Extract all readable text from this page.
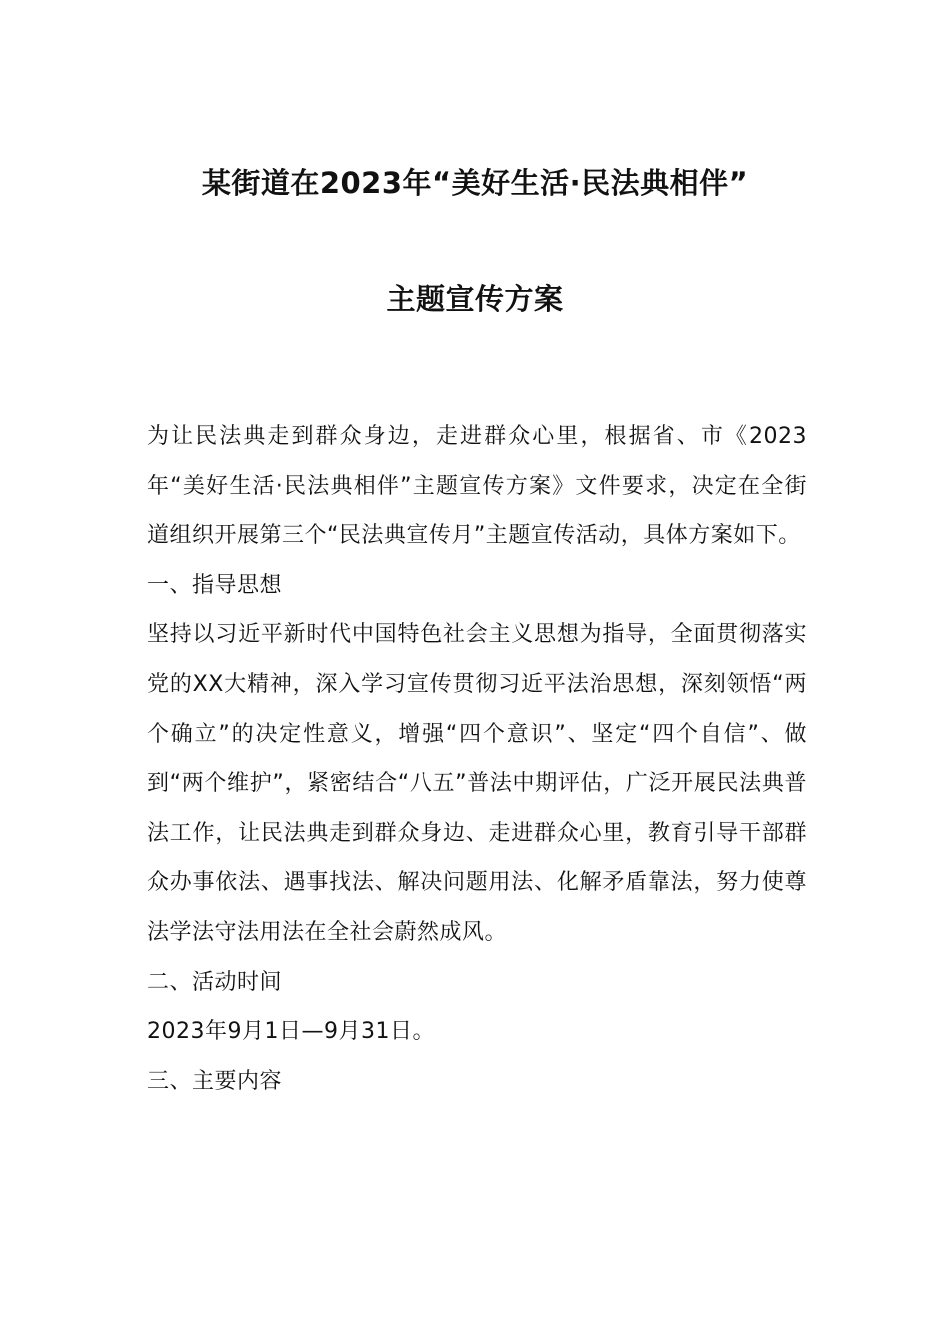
某街道在2023年“美好生活·民法典相伴”
主题宣传方案

为让民法典走到群众身边，走进群众心里，根据省、市《2023年“美好生活·民法典相伴”主题宣传方案》文件要求，决定在全街道组织开展第三个“民法典宣传月”主题宣传活动，具体方案如下。

一、指导思想

坚持以习近平新时代中国特色社会主义思想为指导，全面贯彻落实党的XX大精神，深入学习宣传贯彻习近平法治思想，深刻领悟“两个确立”的决定性意义，增强“四个意识”、坚定“四个自信”、做到“两个维护”，紧密结合“八五”普法中期评估，广泛开展民法典普法工作，让民法典走到群众身边、走进群众心里，教育引导干部群众办事依法、遇事找法、解决问题用法、化解矛盾靠法，努力使尊法学法守法用法在全社会蔚然成风。

二、活动时间

2023年9月1日—9月31日。

三、主要内容
